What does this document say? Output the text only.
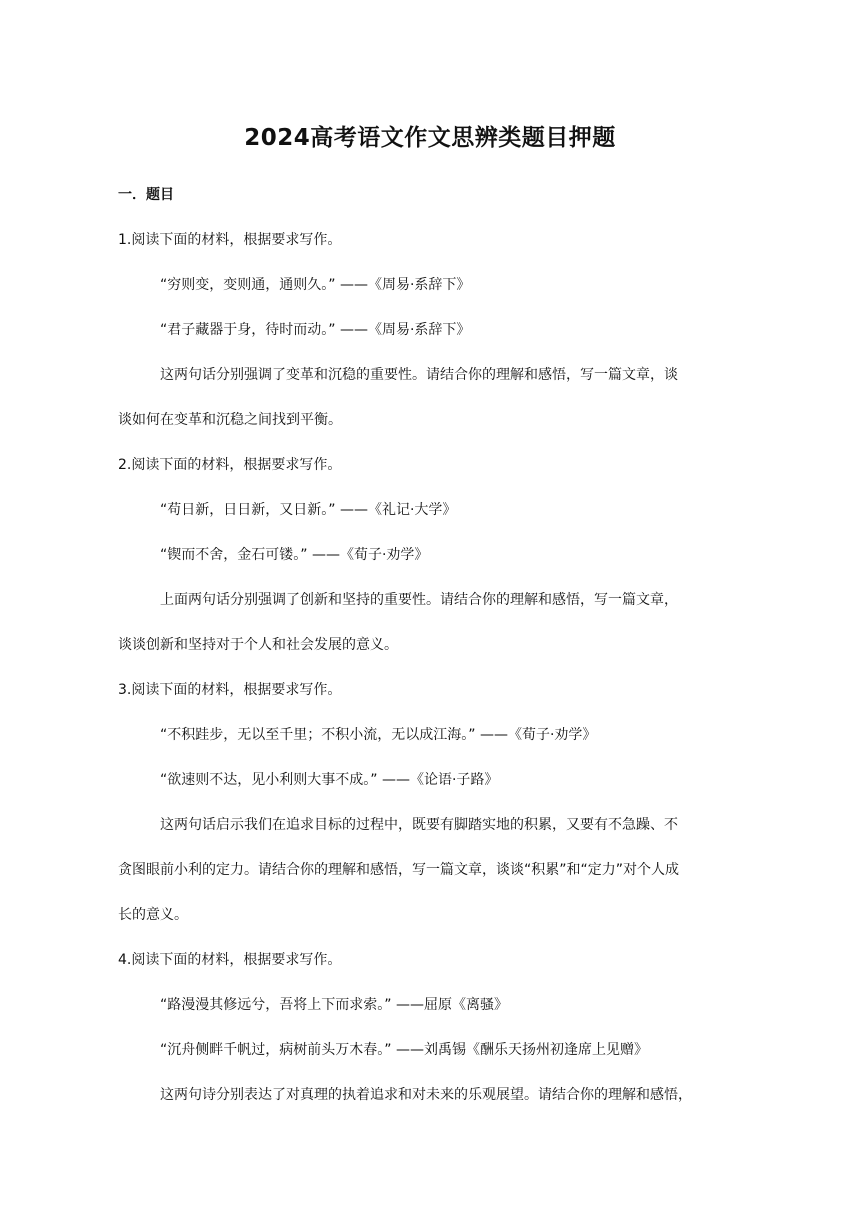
2024高考语文作文思辨类题目押题
一．题目
1.阅读下面的材料，根据要求写作。
“穷则变，变则通，通则久。” ——《周易·系辞下》
“君子藏器于身，待时而动。” ——《周易·系辞下》
这两句话分别强调了变革和沉稳的重要性。请结合你的理解和感悟，写一篇文章，谈
谈如何在变革和沉稳之间找到平衡。
2.阅读下面的材料，根据要求写作。
“苟日新，日日新，又日新。” ——《礼记·大学》
“锲而不舍，金石可镂。” ——《荀子·劝学》
上面两句话分别强调了创新和坚持的重要性。请结合你的理解和感悟，写一篇文章，
谈谈创新和坚持对于个人和社会发展的意义。
3.阅读下面的材料，根据要求写作。
“不积跬步，无以至千里；不积小流，无以成江海。” ——《荀子·劝学》
“欲速则不达，见小利则大事不成。” ——《论语·子路》
这两句话启示我们在追求目标的过程中，既要有脚踏实地的积累，又要有不急躁、不
贪图眼前小利的定力。请结合你的理解和感悟，写一篇文章，谈谈“积累”和“定力”对个人成
长的意义。
4.阅读下面的材料，根据要求写作。
“路漫漫其修远兮，吾将上下而求索。” ——屈原《离骚》
“沉舟侧畔千帆过，病树前头万木春。” ——刘禹锡《酬乐天扬州初逢席上见赠》
这两句诗分别表达了对真理的执着追求和对未来的乐观展望。请结合你的理解和感悟，
